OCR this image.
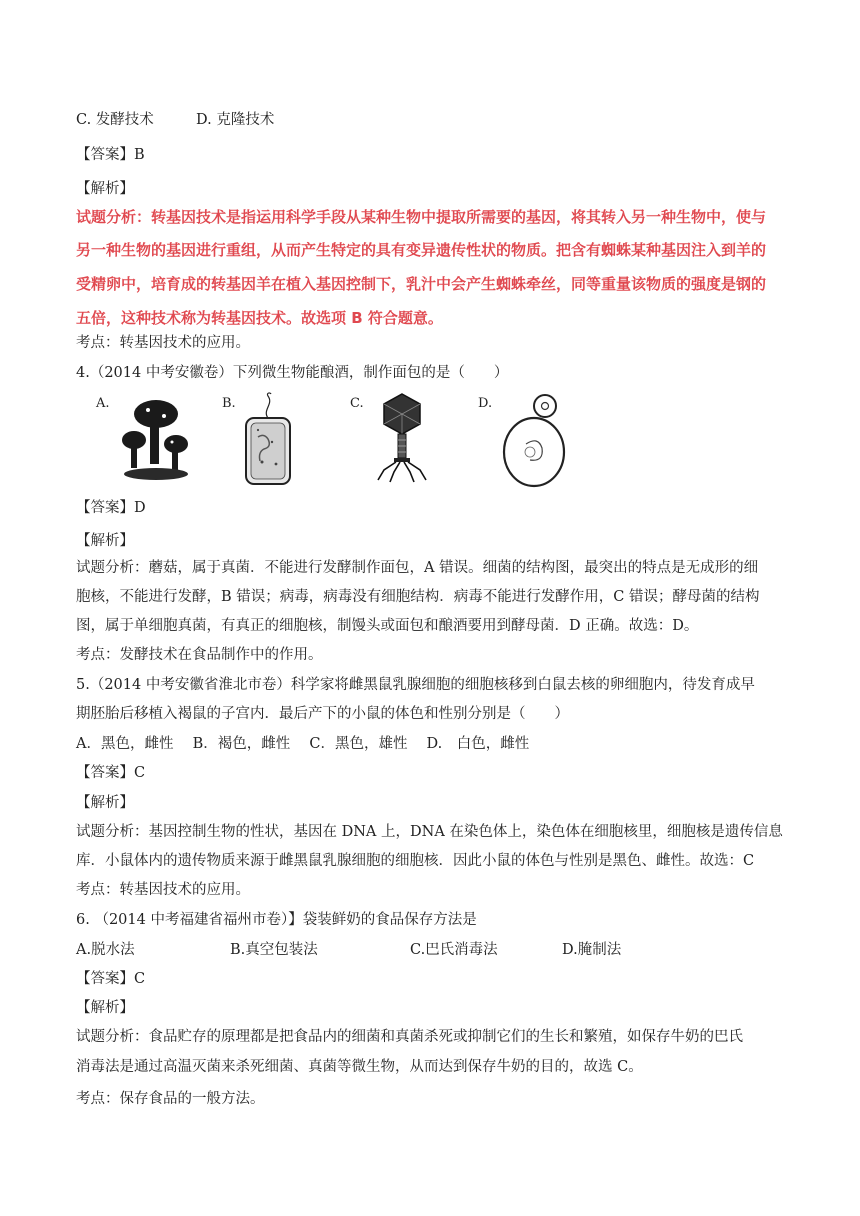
C. 发酵技术	D. 克隆技术
【答案】B
【解析】
试题分析：转基因技术是指运用科学手段从某种生物中提取所需要的基因，将其转入另一种生物中，使与
另一种生物的基因进行重组，从而产生特定的具有变异遗传性状的物质。把含有蜘蛛某种基因注入到羊的
受精卵中，培育成的转基因羊在植入基因控制下，乳汁中会产生蜘蛛牵丝，同等重量该物质的强度是钢的
五倍，这种技术称为转基因技术。故选项 B 符合题意。
考点：转基因技术的应用。
4.（2014 中考安徽卷）下列微生物能酿酒，制作面包的是（　　）
A.	B.	C.	D.
【答案】D
【解析】
试题分析：蘑菇，属于真菌．不能进行发酵制作面包，A 错误。细菌的结构图，最突出的特点是无成形的细
胞核，不能进行发酵，B 错误；病毒，病毒没有细胞结构．病毒不能进行发酵作用，C 错误；酵母菌的结构
图，属于单细胞真菌，有真正的细胞核，制馒头或面包和酿酒要用到酵母菌．D 正确。故选：D。
考点：发酵技术在食品制作中的作用。
5.（2014 中考安徽省淮北市卷）科学家将雌黑鼠乳腺细胞的细胞核移到白鼠去核的卵细胞内，待发育成早
期胚胎后移植入褐鼠的子宫内．最后产下的小鼠的体色和性别分别是（　　）
A．黑色，雌性　 B．褐色，雌性　 C．黑色，雄性　 D.　白色，雌性
【答案】C
【解析】
试题分析：基因控制生物的性状，基因在 DNA 上，DNA 在染色体上，染色体在细胞核里，细胞核是遗传信息
库．小鼠体内的遗传物质来源于雌黑鼠乳腺细胞的细胞核．因此小鼠的体色与性别是黑色、雌性。故选：C
考点：转基因技术的应用。
6. （2014 中考福建省福州市卷）】袋装鲜奶的食品保存方法是
A.脱水法	B.真空包装法	C.巴氏消毒法	D.腌制法
【答案】C
【解析】
试题分析：食品贮存的原理都是把食品内的细菌和真菌杀死或抑制它们的生长和繁殖，如保存牛奶的巴氏
消毒法是通过高温灭菌来杀死细菌、真菌等微生物，从而达到保存牛奶的目的，故选 C。
考点：保存食品的一般方法。
